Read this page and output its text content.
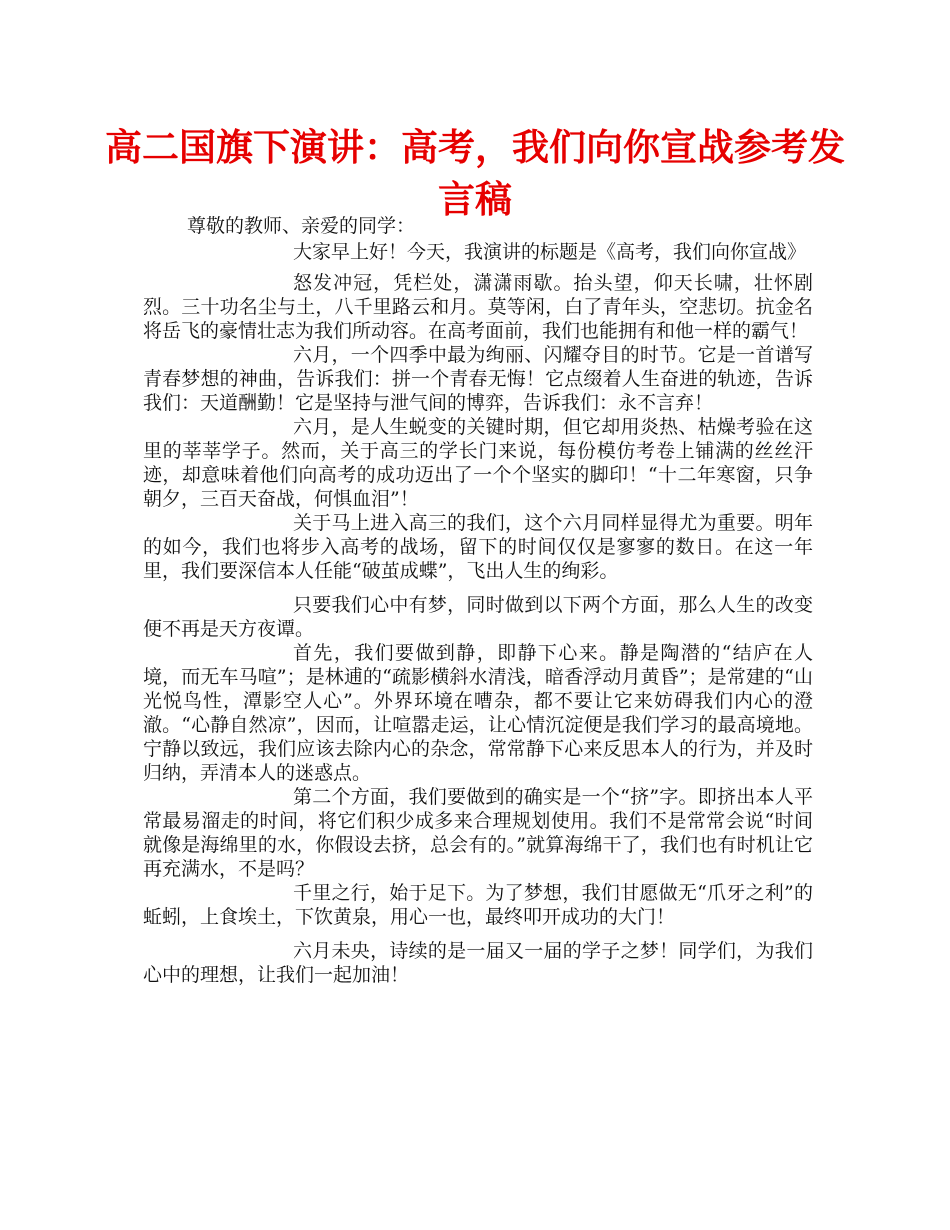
高二国旗下演讲：高考，我们向你宣战参考发言稿
尊敬的教师、亲爱的同学：

大家早上好！今天，我演讲的标题是《高考，我们向你宣战》

怒发冲冠，凭栏处，潇潇雨歇。抬头望，仰天长啸，壮怀剧烈。三十功名尘与土，八千里路云和月。莫等闲，白了青年头，空悲切。抗金名将岳飞的豪情壮志为我们所动容。在高考面前，我们也能拥有和他一样的霸气！

六月，一个四季中最为绚丽、闪耀夺目的时节。它是一首谱写青春梦想的神曲，告诉我们：拼一个青春无悔！它点缀着人生奋进的轨迹，告诉我们：天道酬勤！它是坚持与泄气间的博弈，告诉我们：永不言弃！

六月，是人生蜕变的关键时期，但它却用炎热、枯燥考验在这里的莘莘学子。然而，关于高三的学长门来说，每份模仿考卷上铺满的丝丝汗迹，却意味着他们向高考的成功迈出了一个个坚实的脚印！“十二年寒窗，只争朝夕，三百天奋战，何惧血泪”！

关于马上进入高三的我们，这个六月同样显得尤为重要。明年的如今，我们也将步入高考的战场，留下的时间仅仅是寥寥的数日。在这一年里，我们要深信本人任能“破茧成蝶”，飞出人生的绚彩。

只要我们心中有梦，同时做到以下两个方面，那么人生的改变便不再是天方夜谭。

首先，我们要做到静，即静下心来。静是陶潜的“结庐在人境，而无车马喧”；是林逋的“疏影横斜水清浅，暗香浮动月黄昏”；是常建的“山光悦鸟性，潭影空人心”。外界环境在嘈杂，都不要让它来妨碍我们内心的澄澈。“心静自然凉”，因而，让喧嚣走运，让心情沉淀便是我们学习的最高境地。宁静以致远，我们应该去除内心的杂念，常常静下心来反思本人的行为，并及时归纳，弄清本人的迷惑点。

第二个方面，我们要做到的确实是一个“挤”字。即挤出本人平常最易溜走的时间，将它们积少成多来合理规划使用。我们不是常常会说“时间就像是海绵里的水，你假设去挤，总会有的。”就算海绵干了，我们也有时机让它再充满水，不是吗？

千里之行，始于足下。为了梦想，我们甘愿做无“爪牙之利”的蚯蚓，上食埃土，下饮黄泉，用心一也，最终叩开成功的大门！

六月未央，诗续的是一届又一届的学子之梦！同学们，为我们心中的理想，让我们一起加油！
